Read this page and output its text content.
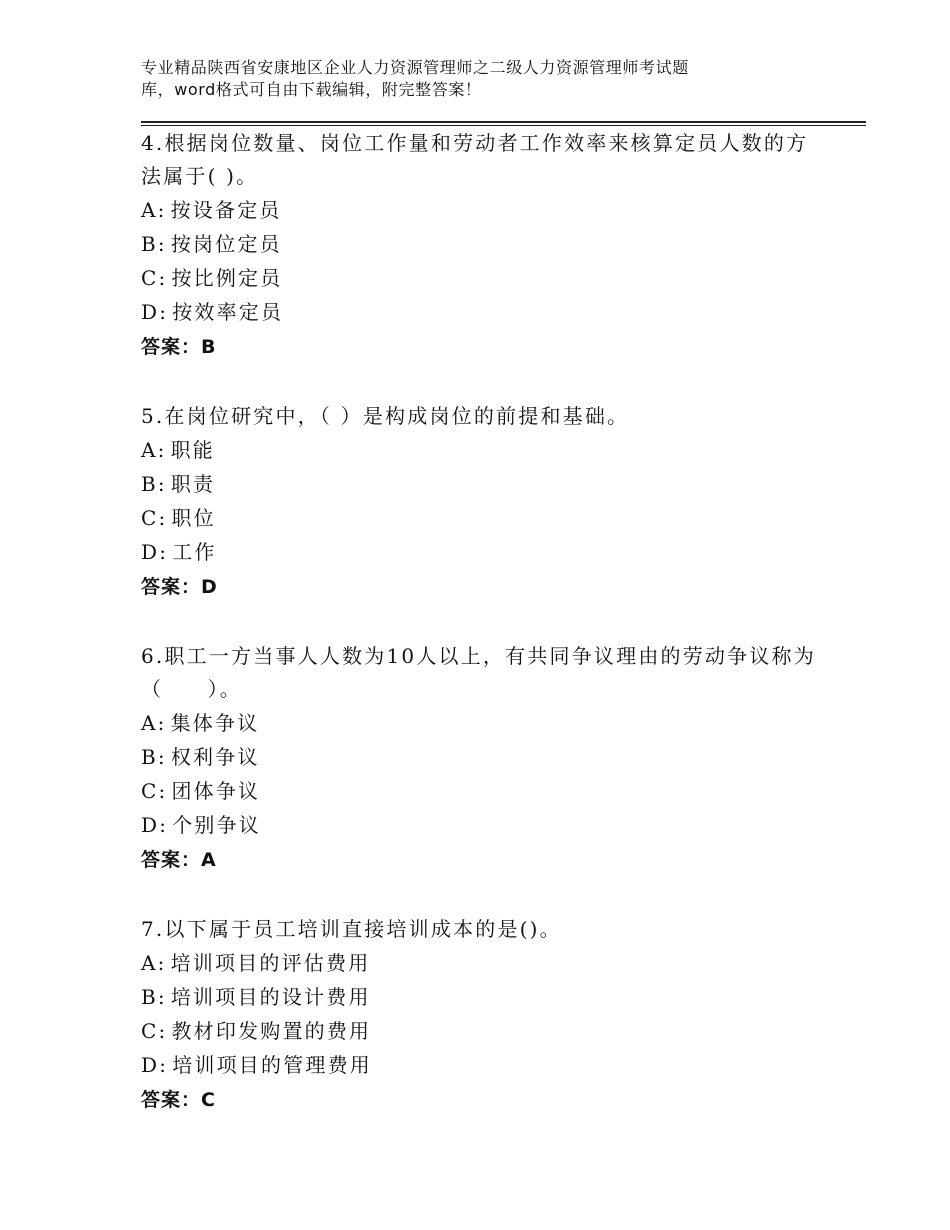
专业精品陕西省安康地区企业人力资源管理师之二级人力资源管理师考试题
库，word格式可自由下载编辑，附完整答案！
4.根据岗位数量、岗位工作量和劳动者工作效率来核算定员人数的方
法属于( )。
A: 按设备定员
B: 按岗位定员
C: 按比例定员
D: 按效率定员
答案：B
5.在岗位研究中，（ ）是构成岗位的前提和基础。
A: 职能
B: 职责
C: 职位
D: 工作
答案：D
6.职工一方当事人人数为10人以上，有共同争议理由的劳动争议称为
（　　）。
A: 集体争议
B: 权利争议
C: 团体争议
D: 个别争议
答案：A
7.以下属于员工培训直接培训成本的是()。
A: 培训项目的评估费用
B: 培训项目的设计费用
C: 教材印发购置的费用
D: 培训项目的管理费用
答案：C
